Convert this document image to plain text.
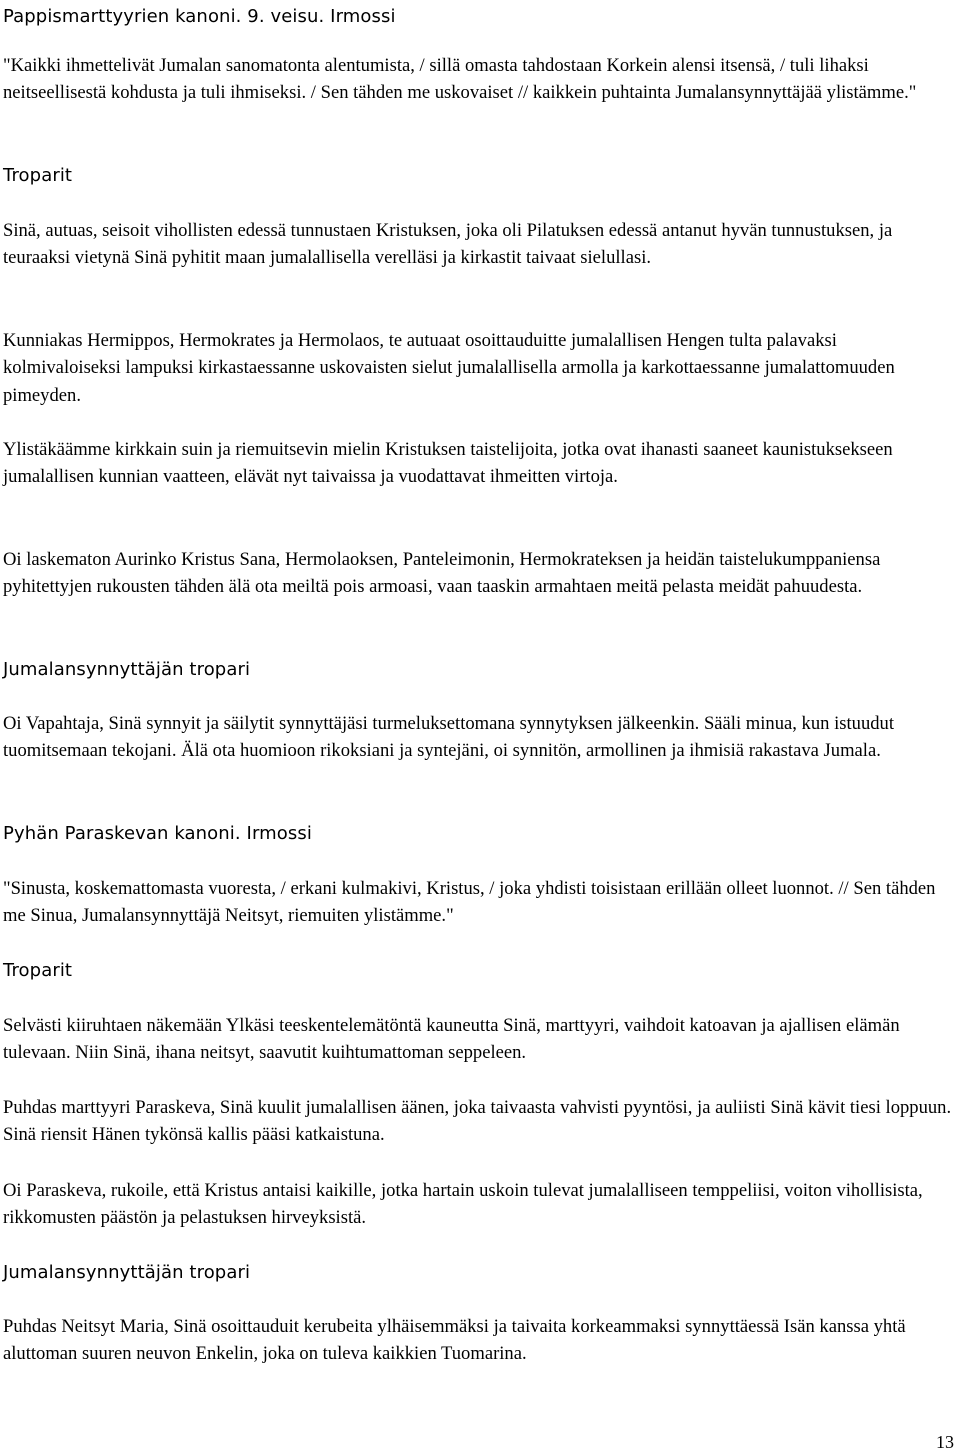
Pappismarttyyrien kanoni. 9. veisu. Irmossi

"Kaikki ihmettelivät Jumalan sanomatonta alentumista, / sillä omasta tahdostaan Korkein alensi itsensä, / tuli lihaksi neitseellisestä kohdusta ja tuli ihmiseksi. / Sen tähden me uskovaiset // kaikkein puhtainta Jumalansynnyttäjää ylistämme."

Troparit

Sinä, autuas, seisoit vihollisten edessä tunnustaen Kristuksen, joka oli Pilatuksen edessä antanut hyvän tunnustuksen, ja teuraaksi vietynä Sinä pyhitit maan jumalallisella verelläsi ja kirkastit taivaat sielullasi.

Kunniakas Hermippos, Hermokrates ja Hermolaos, te autuaat osoittauduitte jumalallisen Hengen tulta palavaksi kolmivaloiseksi lampuksi kirkastaessanne uskovaisten sielut jumalallisella armolla ja karkottaessanne jumalattomuuden pimeyden.

Ylistäkäämme kirkkain suin ja riemuitsevin mielin Kristuksen taistelijoita, jotka ovat ihanasti saaneet kaunistuksekseen jumalallisen kunnian vaatteen, elävät nyt taivaissa ja vuodattavat ihmeitten virtoja.

Oi laskematon Aurinko Kristus Sana, Hermolaoksen, Panteleimonin, Hermokrateksen ja heidän taistelukumppaniensa pyhitettyjen rukousten tähden älä ota meiltä pois armoasi, vaan taaskin armahtaen meitä pelasta meidät pahuudesta.

Jumalansynnyttäjän tropari

Oi Vapahtaja, Sinä synnyit ja säilytit synnyttäjäsi turmeluksettomana synnytyksen jälkeenkin. Sääli minua, kun istuudut tuomitsemaan tekojani. Älä ota huomioon rikoksiani ja syntejäni, oi synnitön, armollinen ja ihmisiä rakastava Jumala.

Pyhän Paraskevan kanoni. Irmossi

"Sinusta, koskemattomasta vuoresta, / erkani kulmakivi, Kristus, / joka yhdisti toisistaan erillään olleet luonnot. // Sen tähden me Sinua, Jumalansynnyttäjä Neitsyt, riemuiten ylistämme."

Troparit

Selvästi kiiruhtaen näkemään Ylkäsi teeskentelemätöntä kauneutta Sinä, marttyyri, vaihdoit katoavan ja ajallisen elämän tulevaan. Niin Sinä, ihana neitsyt, saavutit kuihtumattoman seppeleen.

Puhdas marttyyri Paraskeva, Sinä kuulit jumalallisen äänen, joka taivaasta vahvisti pyyntösi, ja auliisti Sinä kävit tiesi loppuun. Sinä riensit Hänen tykönsä kallis pääsi katkaistuna.

Oi Paraskeva, rukoile, että Kristus antaisi kaikille, jotka hartain uskoin tulevat jumalalliseen temppeliisi, voiton vihollisista, rikkomusten päästön ja pelastuksen hirveyksistä.

Jumalansynnyttäjän tropari

Puhdas Neitsyt Maria, Sinä osoittauduit kerubeita ylhäisemmäksi ja taivaita korkeammaksi synnyttäessä Isän kanssa yhtä aluttoman suuren neuvon Enkelin, joka on tuleva kaikkien Tuomarina.

13
